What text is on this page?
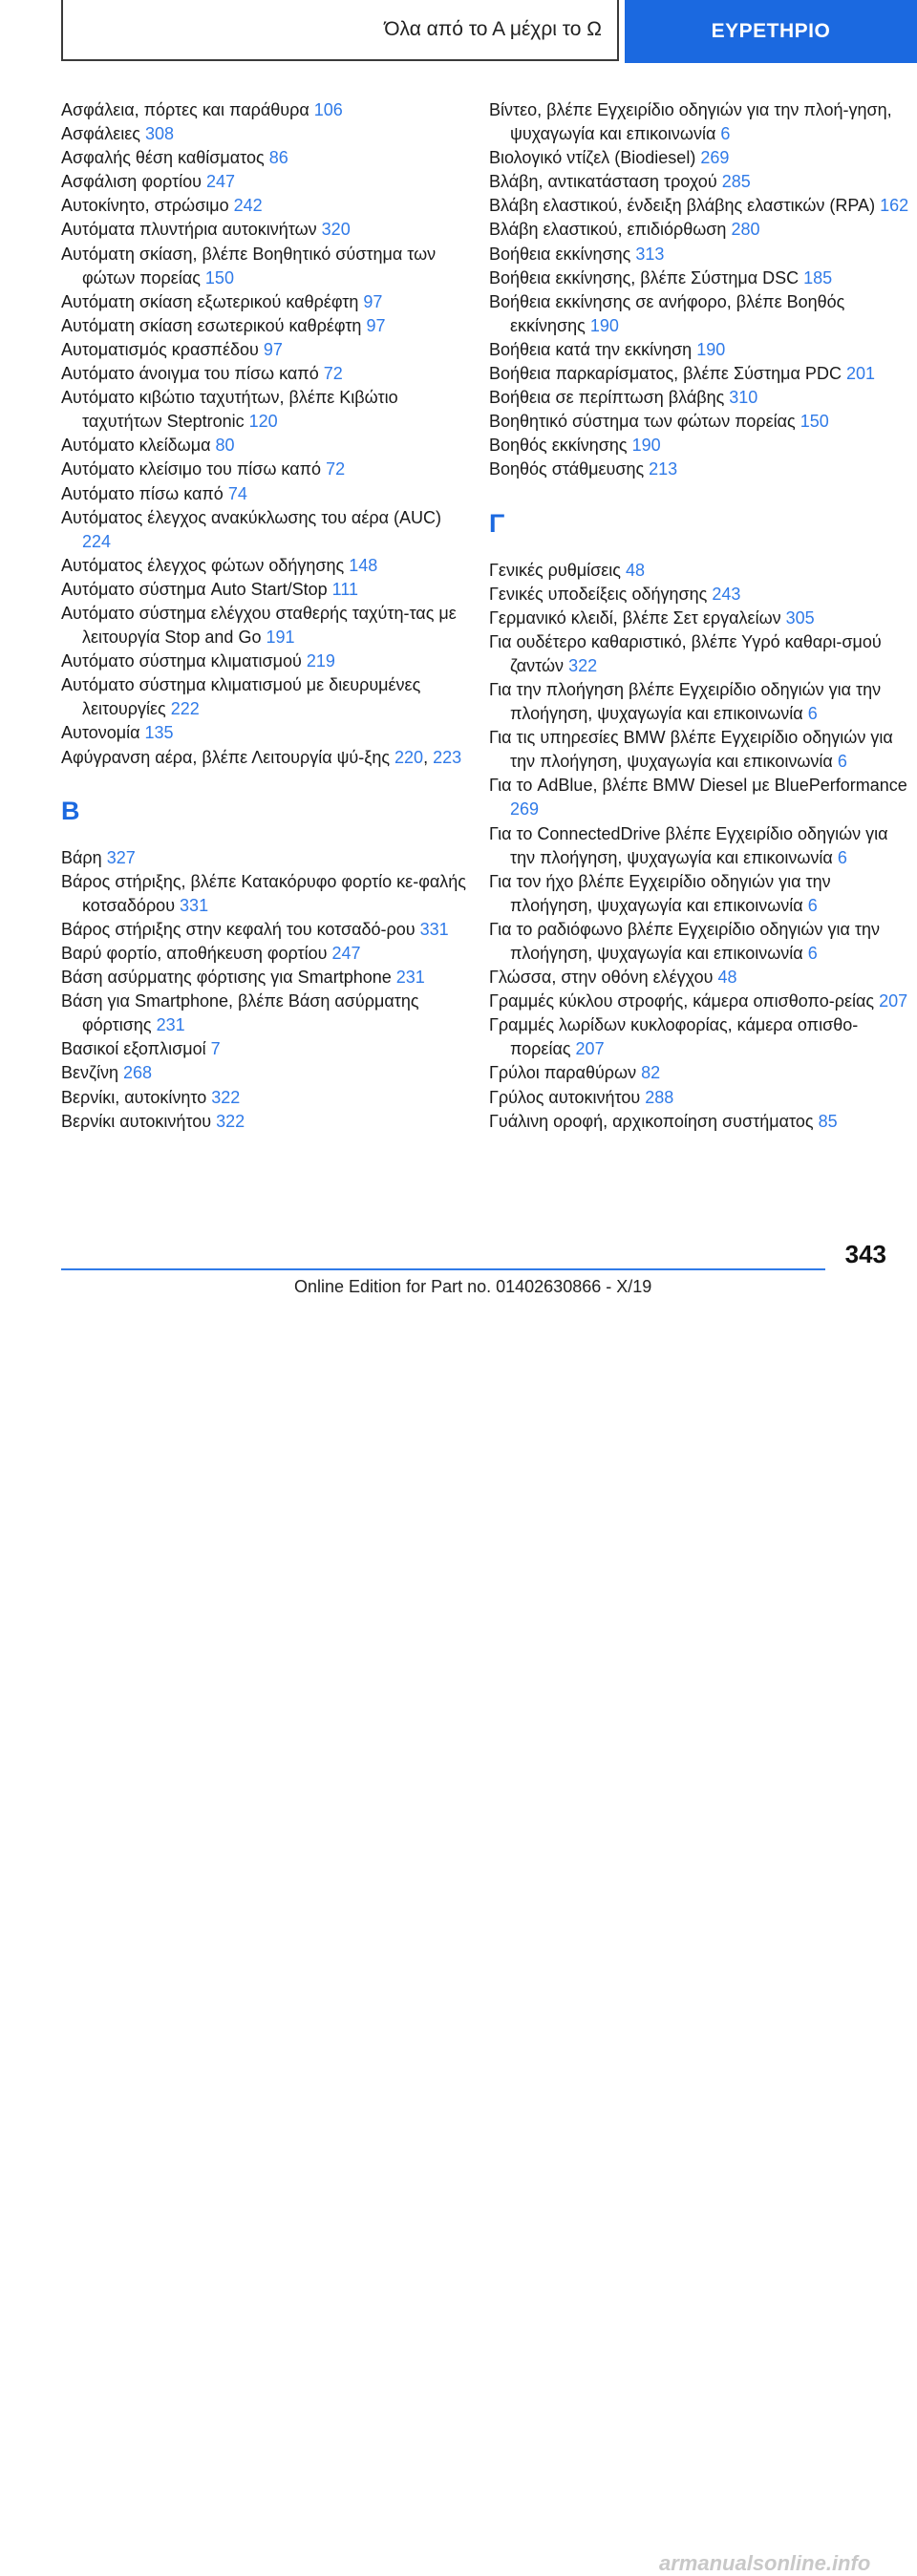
Όλα από το Α μέχρι το Ω	ΕΥΡΕΤΗΡΙΟ

Ασφάλεια, πόρτες και παράθυρα 106

Ασφάλειες 308

Ασφαλής θέση καθίσματος 86

Ασφάλιση φορτίου 247

Αυτοκίνητο, στρώσιμο 242

Αυτόματα πλυντήρια αυτοκινήτων 320

Αυτόματη σκίαση, βλέπε Βοηθητικό σύστημα των φώτων πορείας 150

Αυτόματη σκίαση εξωτερικού καθρέφτη 97

Αυτόματη σκίαση εσωτερικού καθρέφτη 97

Αυτοματισμός κρασπέδου 97

Αυτόματο άνοιγμα του πίσω καπό 72

Αυτόματο κιβώτιο ταχυτήτων, βλέπε Κιβώτιο ταχυτήτων Steptronic 120

Αυτόματο κλείδωμα 80

Αυτόματο κλείσιμο του πίσω καπό 72

Αυτόματο πίσω καπό 74

Αυτόματος έλεγχος ανακύκλωσης του αέρα (AUC) 224

Αυτόματος έλεγχος φώτων οδήγησης 148

Αυτόματο σύστημα Auto Start/Stop 111

Αυτόματο σύστημα ελέγχου σταθερής ταχύτη-τας με λειτουργία Stop and Go 191

Αυτόματο σύστημα κλιματισμού 219

Αυτόματο σύστημα κλιματισμού με διευρυμένες λειτουργίες 222

Αυτονομία 135

Αφύγρανση αέρα, βλέπε Λειτουργία ψύ-ξης 220, 223

Β

Βάρη 327

Βάρος στήριξης, βλέπε Κατακόρυφο φορτίο κε-φαλής κοτσαδόρου 331

Βάρος στήριξης στην κεφαλή του κοτσαδό-ρου 331

Βαρύ φορτίο, αποθήκευση φορτίου 247

Βάση ασύρματης φόρτισης για Smartphone 231

Βάση για Smartphone, βλέπε Βάση ασύρματης φόρτισης 231

Βασικοί εξοπλισμοί 7

Βενζίνη 268

Βερνίκι, αυτοκίνητο 322

Βερνίκι αυτοκινήτου 322

Βίντεο, βλέπε Εγχειρίδιο οδηγιών για την πλοή-γηση, ψυχαγωγία και επικοινωνία 6

Βιολογικό ντίζελ (Biodiesel) 269

Βλάβη, αντικατάσταση τροχού 285

Βλάβη ελαστικού, ένδειξη βλάβης ελαστικών (RPA) 162

Βλάβη ελαστικού, επιδιόρθωση 280

Βοήθεια εκκίνησης 313

Βοήθεια εκκίνησης, βλέπε Σύστημα DSC 185

Βοήθεια εκκίνησης σε ανήφορο, βλέπε Βοηθός εκκίνησης 190

Βοήθεια κατά την εκκίνηση 190

Βοήθεια παρκαρίσματος, βλέπε Σύστημα PDC 201

Βοήθεια σε περίπτωση βλάβης 310

Βοηθητικό σύστημα των φώτων πορείας 150

Βοηθός εκκίνησης 190

Βοηθός στάθμευσης 213

Γ

Γενικές ρυθμίσεις 48

Γενικές υποδείξεις οδήγησης 243

Γερμανικό κλειδί, βλέπε Σετ εργαλείων 305

Για ουδέτερο καθαριστικό, βλέπε Υγρό καθαρι-σμού ζαντών 322

Για την πλοήγηση βλέπε Εγχειρίδιο οδηγιών για την πλοήγηση, ψυχαγωγία και επικοινωνία 6

Για τις υπηρεσίες BMW βλέπε Εγχειρίδιο οδηγιών για την πλοήγηση, ψυχαγωγία και επικοινωνία 6

Για το AdBlue, βλέπε BMW Diesel με BluePerformance 269

Για το ConnectedDrive βλέπε Εγχειρίδιο οδηγιών για την πλοήγηση, ψυχαγωγία και επικοινωνία 6

Για τον ήχο βλέπε Εγχειρίδιο οδηγιών για την πλοήγηση, ψυχαγωγία και επικοινωνία 6

Για το ραδιόφωνο βλέπε Εγχειρίδιο οδηγιών για την πλοήγηση, ψυχαγωγία και επικοινωνία 6

Γλώσσα, στην οθόνη ελέγχου 48

Γραμμές κύκλου στροφής, κάμερα οπισθοπο-ρείας 207

Γραμμές λωρίδων κυκλοφορίας, κάμερα οπισθο-πορείας 207

Γρύλοι παραθύρων 82

Γρύλος αυτοκινήτου 288

Γυάλινη οροφή, αρχικοποίηση συστήματος 85

343
Online Edition for Part no. 01402630866 - X/19
armanualsonline.info
